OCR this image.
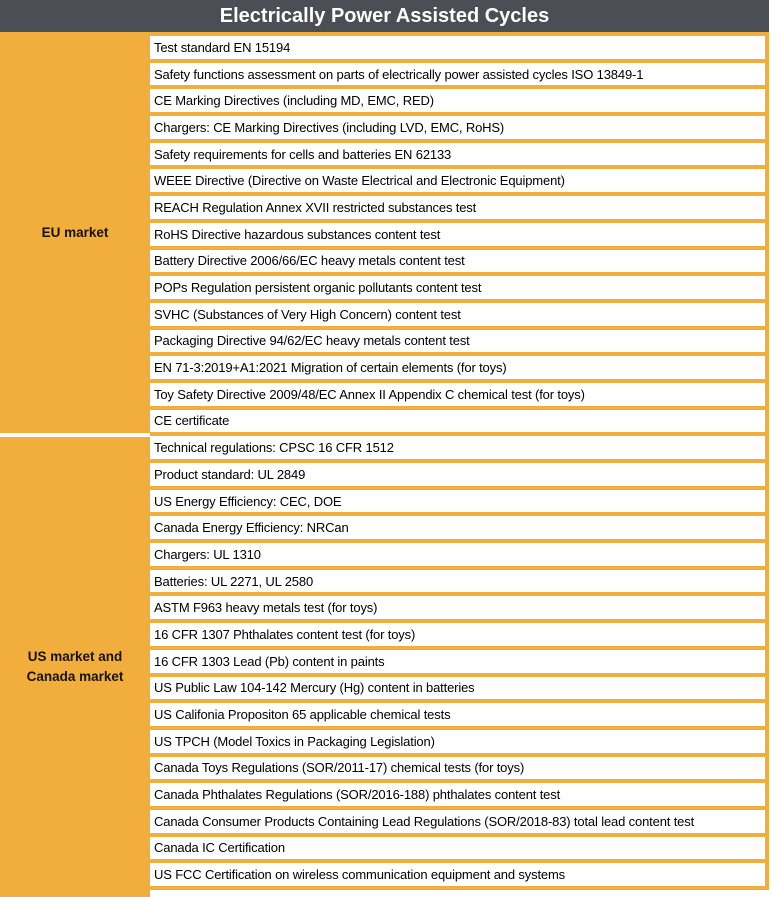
Electrically Power Assisted Cycles
EU market
US market and Canada market
Test standard EN 15194
Safety functions assessment on parts of electrically power assisted cycles ISO 13849-1
CE Marking Directives (including MD, EMC, RED)
Chargers: CE Marking Directives (including LVD, EMC, RoHS)
Safety requirements for cells and batteries EN 62133
WEEE Directive (Directive on Waste Electrical and Electronic Equipment)
REACH Regulation Annex XVII restricted substances test
RoHS Directive hazardous substances content test
Battery Directive 2006/66/EC heavy metals content test
POPs Regulation persistent organic pollutants content test
SVHC (Substances of Very High Concern) content test
Packaging Directive 94/62/EC heavy metals content test
EN 71-3:2019+A1:2021 Migration of certain elements (for toys)
Toy Safety Directive 2009/48/EC Annex II Appendix C chemical test (for toys)
CE certificate
Technical regulations: CPSC 16 CFR 1512
Product standard: UL 2849
US Energy Efficiency: CEC, DOE
Canada Energy Efficiency: NRCan
Chargers: UL 1310
Batteries: UL 2271, UL 2580
ASTM F963 heavy metals test (for toys)
16 CFR 1307 Phthalates content test (for toys)
16 CFR 1303 Lead (Pb) content in paints
US Public Law 104-142 Mercury (Hg) content in batteries
US Califonia Propositon 65 applicable chemical tests
US TPCH (Model Toxics in Packaging Legislation)
Canada Toys Regulations (SOR/2011-17) chemical tests (for toys)
Canada Phthalates Regulations (SOR/2016-188) phthalates content test
Canada Consumer Products Containing Lead Regulations (SOR/2018-83) total lead content test
Canada IC Certification
US FCC Certification on wireless communication equipment and systems
